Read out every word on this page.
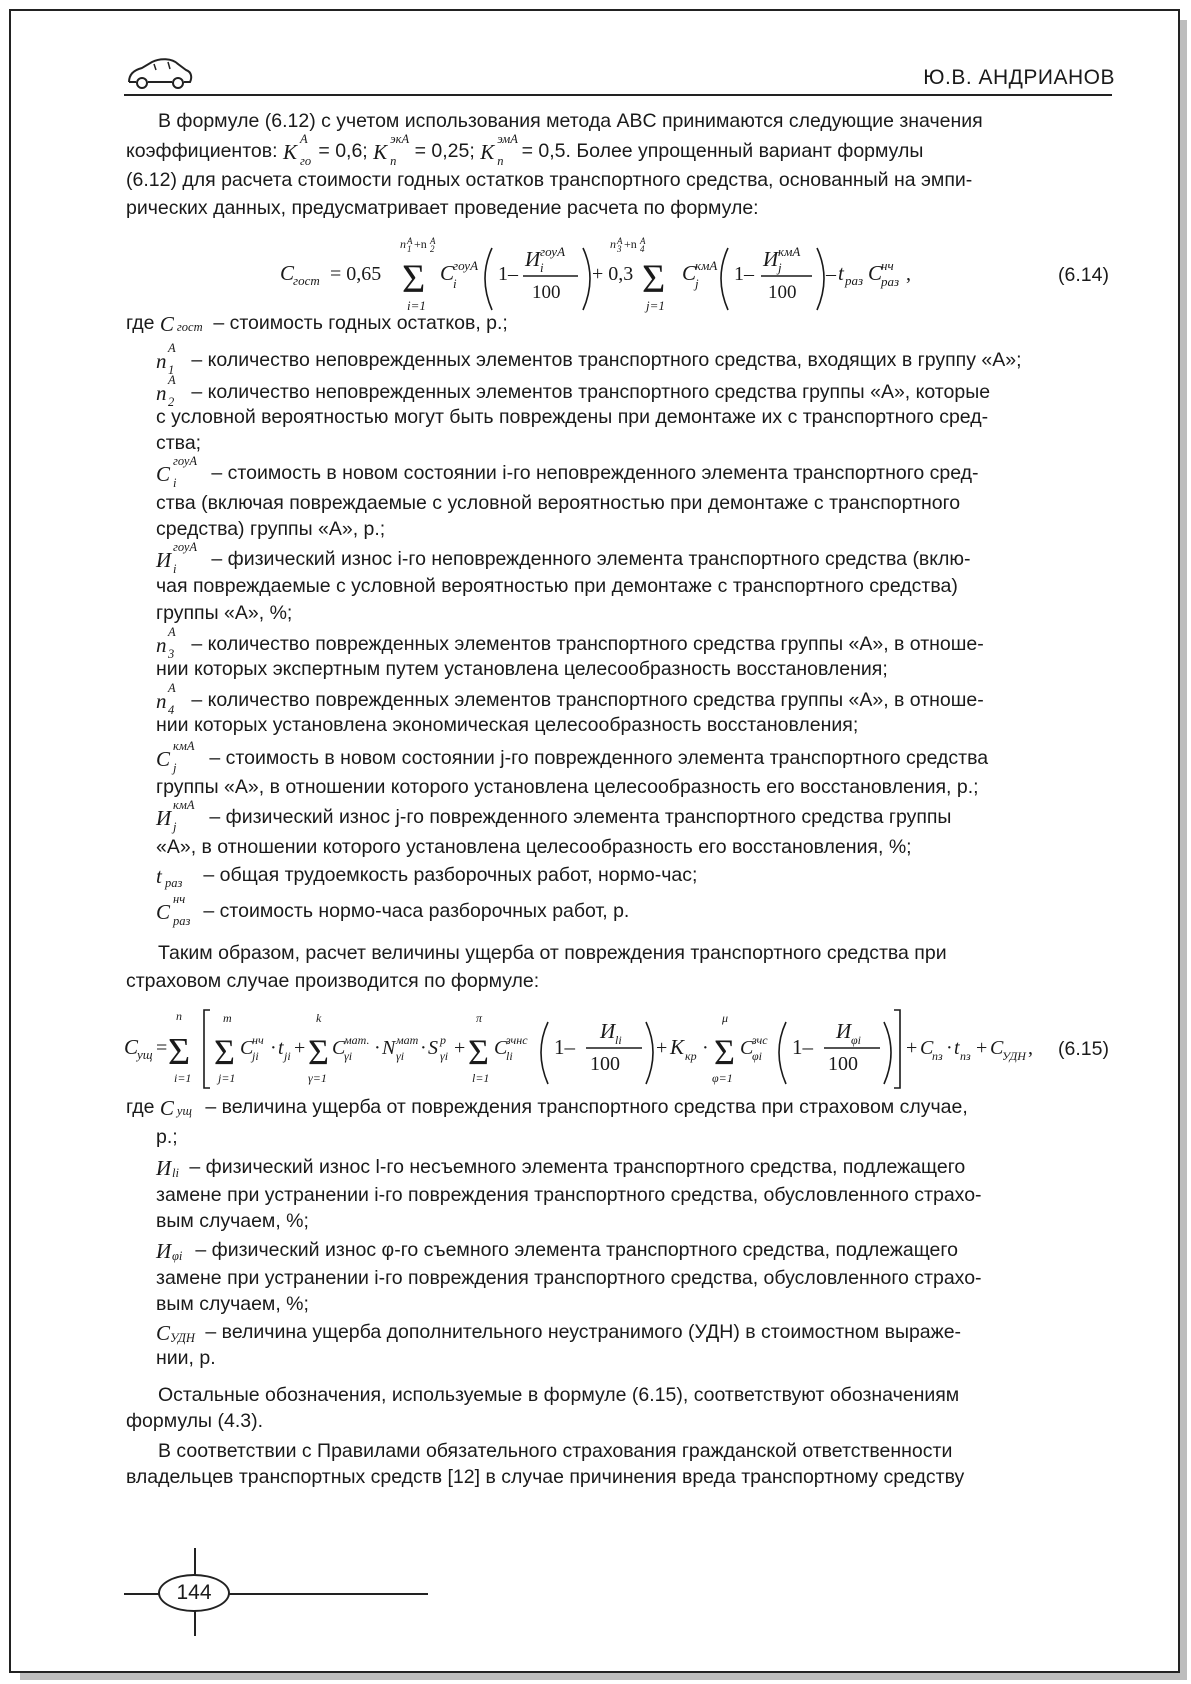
Ю.В. АНДРИАНОВ
В формуле (6.12) с учетом использования метода ABC принимаются следующие значения
коэффициентов: K
A
го = 0,6; K
экА
п = 0,25; K
эмА
п = 0,5. Более упрощенный вариант формулы
(6.12) для расчета стоимости годных остатков транспортного средства, основанный на эмпи-
рических данных, предусматривает проведение расчета по формуле:
C
гост = 0,65
n A
1 +n A
2
Σ
i=1
C
гоуА
i 1–
И гоуА
i
100
+ 0,3
n A
3 +n A
4
Σ
j=1
C
кмА
j 1–
И кмА
j
100
– t раз C
нч
раз ,	(6.14)
где C гост – стоимость годных остатков, р.;
n
A
1 – количество неповрежденных элементов транспортного средства, входящих в группу «А»;
n
A
2 – количество неповрежденных элементов транспортного средства группы «А», которые
с условной вероятностью могут быть повреждены при демонтаже их с транспортного сред-
ства;
C
гоуА
i – стоимость в новом состоянии i-го неповрежденного элемента транспортного сред-
ства (включая повреждаемые с условной вероятностью при демонтаже с транспортного
средства) группы «А», р.;
И
гоуА
i – физический износ i-го неповрежденного элемента транспортного средства (вклю-
чая повреждаемые с условной вероятностью при демонтаже с транспортного средства)
группы «А», %;
n
A
3 – количество поврежденных элементов транспортного средства группы «А», в отноше-
нии которых экспертным путем установлена целесообразность восстановления;
n
A
4 – количество поврежденных элементов транспортного средства группы «А», в отноше-
нии которых установлена экономическая целесообразность восстановления;
C
кмА
j – стоимость в новом состоянии j-го поврежденного элемента транспортного средства
группы «А», в отношении которого установлена целесообразность его восстановления, р.;
И
кмА
j – физический износ j-го поврежденного элемента транспортного средства группы
«А», в отношении которого установлена целесообразность его восстановления, %;
t раз – общая трудоемкость разборочных работ, нормо-час;
C
нч
раз – стоимость нормо-часа разборочных работ, р.
Таким образом, расчет величины ущерба от повреждения транспортного средства при
страховом случае производится по формуле:
C
ущ =
n
Σ
i=1
m
Σ
j=1
C
нч
ji · t ji +
k
Σ
γ=1
C
мат.
γi · N мат
γi · S p
γi +
π
Σ
l=1
C
зчнс
li 1–
И li
100
+ K кр ·
μ
Σ
φ=1
C
зчс
φi 1–
И φi
100
+ C
пз · t пз + C
УДН , (6.15)
где C ущ – величина ущерба от повреждения транспортного средства при страховом случае,
р.;
И li – физический износ l-го несъемного элемента транспортного средства, подлежащего
замене при устранении i-го повреждения транспортного средства, обусловленного страхо-
вым случаем, %;
И φi – физический износ φ-го съемного элемента транспортного средства, подлежащего
замене при устранении i-го повреждения транспортного средства, обусловленного страхо-
вым случаем, %;
C УДН – величина ущерба дополнительного неустранимого (УДН) в стоимостном выраже-
нии, р.
Остальные обозначения, используемые в формуле (6.15), соответствуют обозначениям
формулы (4.3).
В соответствии с Правилами обязательного страхования гражданской ответственности
владельцев транспортных средств [12] в случае причинения вреда транспортному средству
144
